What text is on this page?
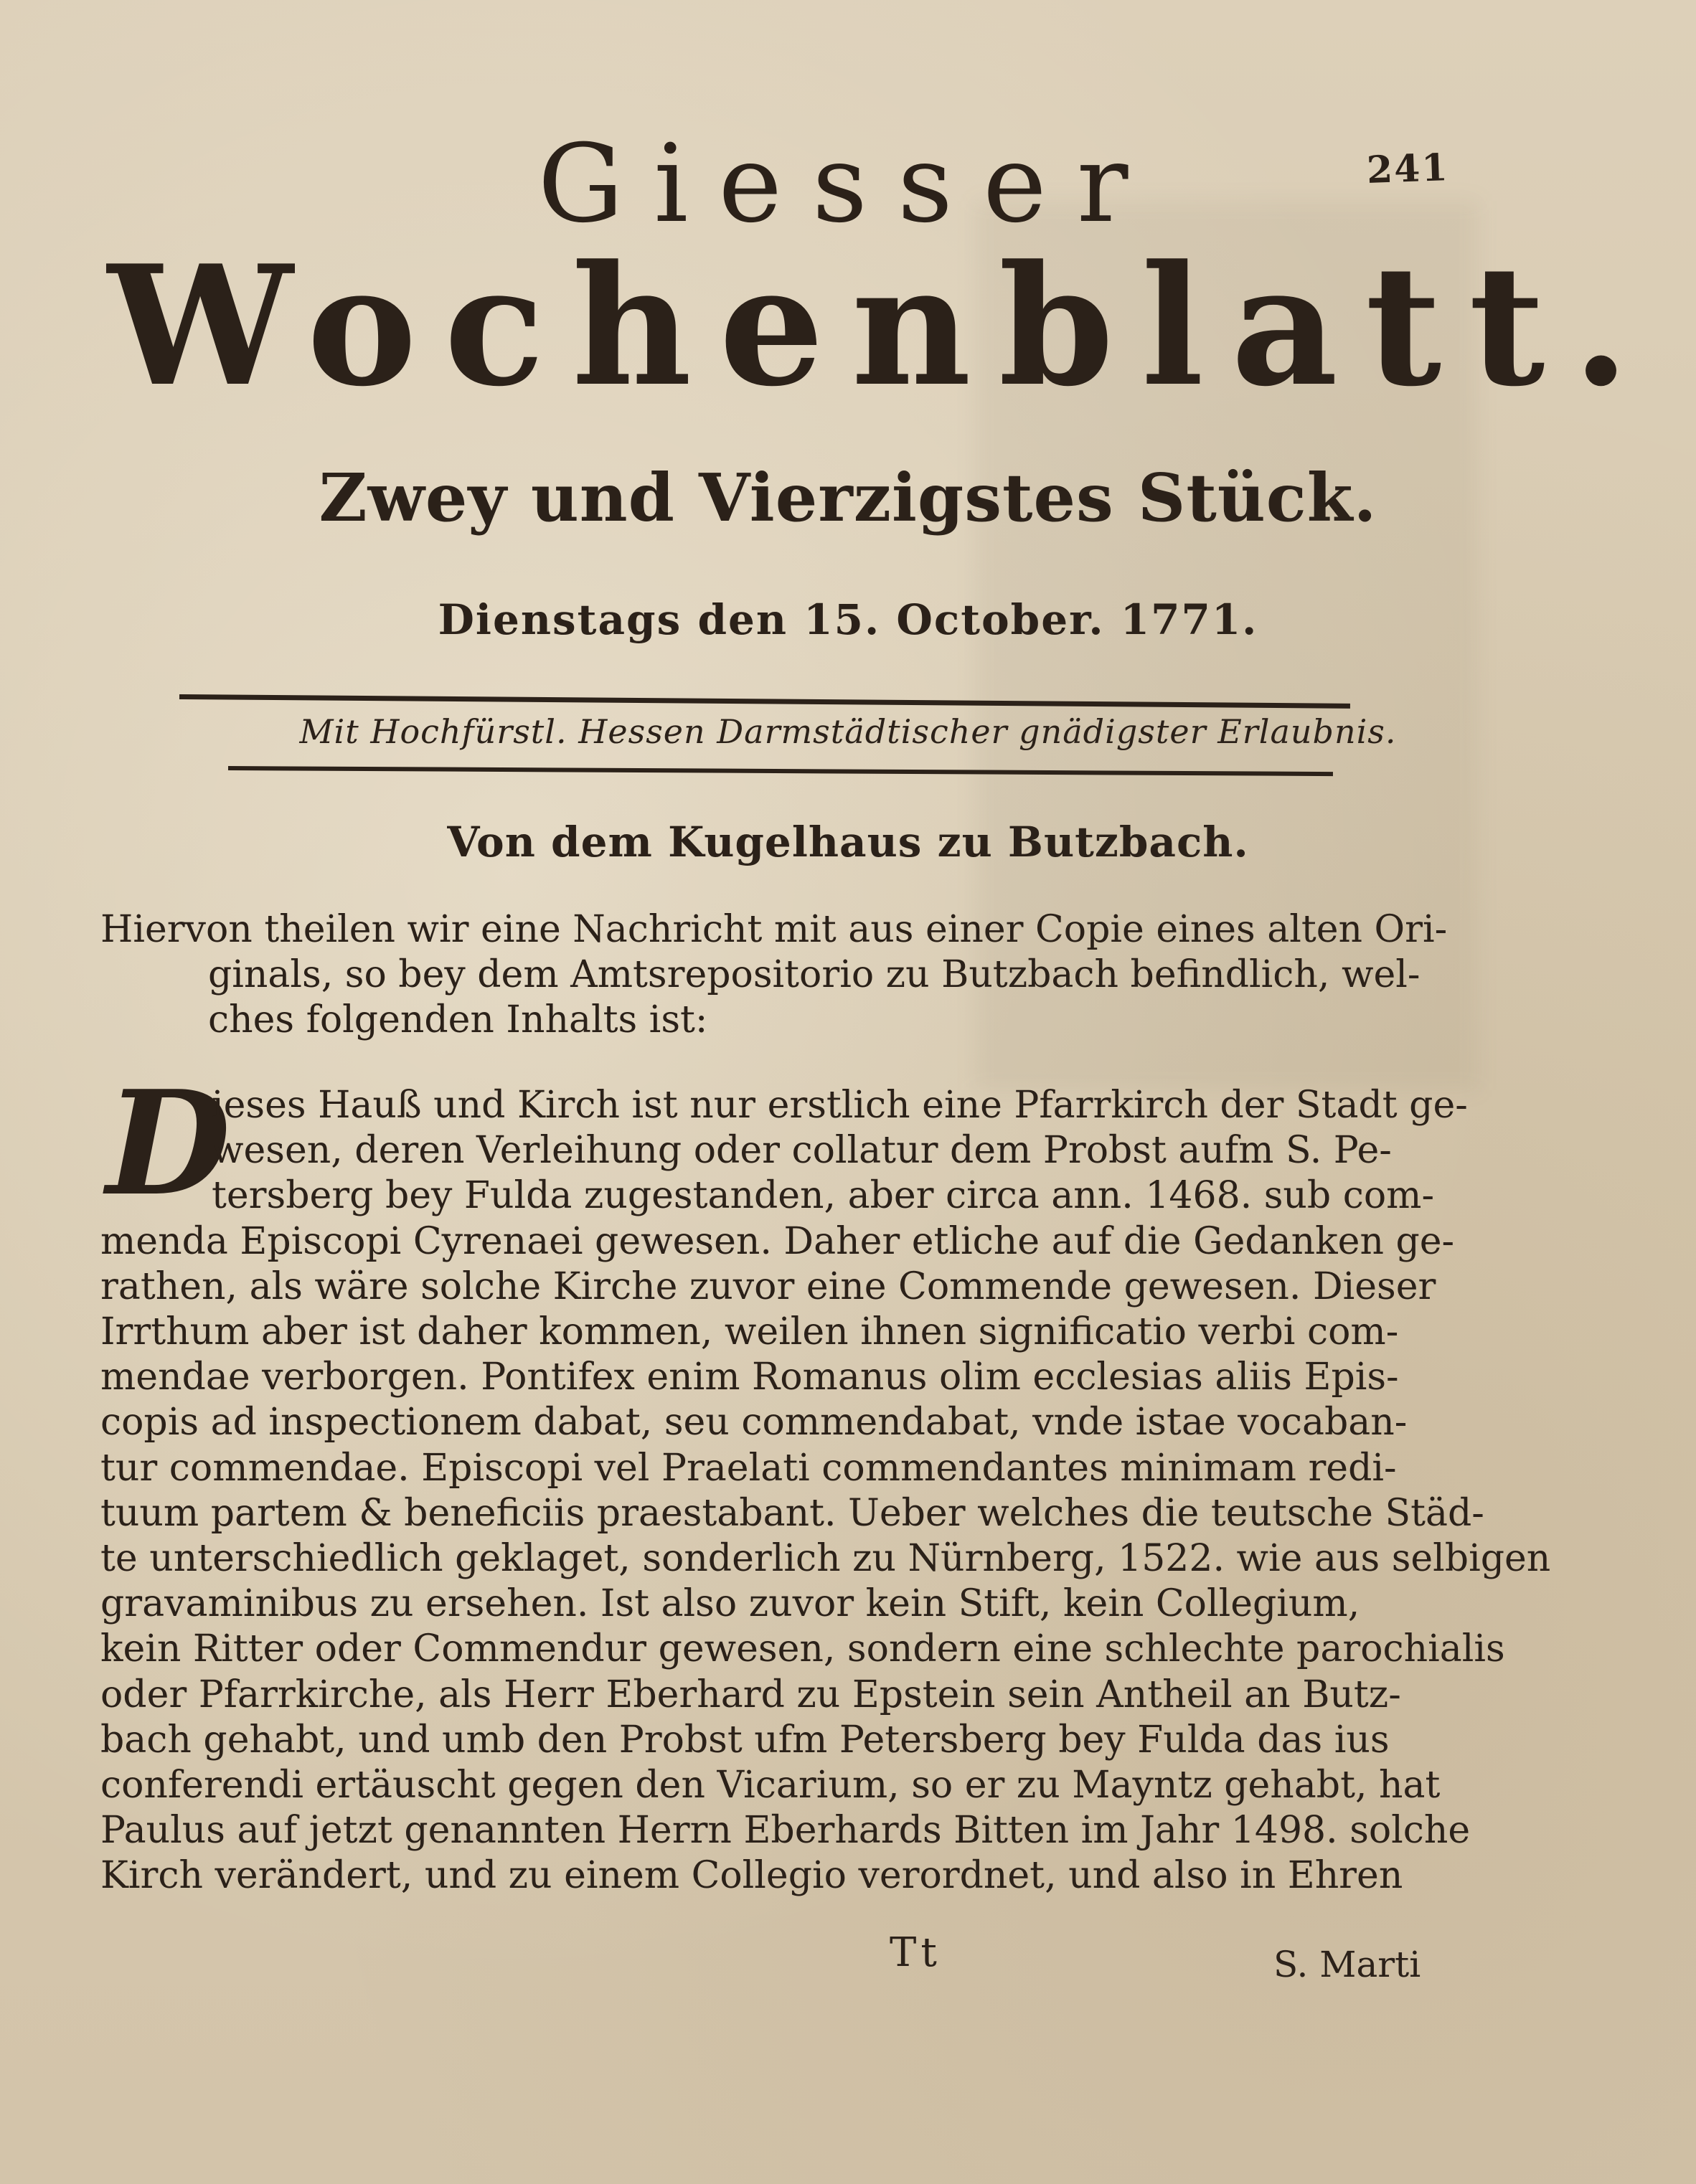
241
Giesser
Wochenblatt.
Zwey und Vierzigstes Stück.
Dienstags den 15. October. 1771.
Mit Hochfürstl. Hessen Darmstädtischer gnädigster Erlaubnis.
Von dem Kugelhaus zu Butzbach.
Hiervon theilen wir eine Nachricht mit aus einer Copie eines alten Ori-
ginals, so bey dem Amtsrepositorio zu Butzbach befindlich, wel-
ches folgenden Inhalts ist:
D
ieses Hauß und Kirch ist nur erstlich eine Pfarrkirch der Stadt ge-
wesen, deren Verleihung oder collatur dem Probst aufm S. Pe-
tersberg bey Fulda zugestanden, aber circa ann. 1468. sub com-
menda Episcopi Cyrenaei gewesen. Daher etliche auf die Gedanken ge-
rathen, als wäre solche Kirche zuvor eine Commende gewesen. Dieser
Irrthum aber ist daher kommen, weilen ihnen significatio verbi com-
mendae verborgen. Pontifex enim Romanus olim ecclesias aliis Epis-
copis ad inspectionem dabat, seu commendabat, vnde istae vocaban-
tur commendae. Episcopi vel Praelati commendantes minimam redi-
tuum partem & beneficiis praestabant. Ueber welches die teutsche Städ-
te unterschiedlich geklaget, sonderlich zu Nürnberg, 1522. wie aus selbigen
gravaminibus zu ersehen. Ist also zuvor kein Stift, kein Collegium,
kein Ritter oder Commendur gewesen, sondern eine schlechte parochialis
oder Pfarrkirche, als Herr Eberhard zu Epstein sein Antheil an Butz-
bach gehabt, und umb den Probst ufm Petersberg bey Fulda das ius
conferendi ertäuscht gegen den Vicarium, so er zu Mayntz gehabt, hat
Paulus auf jetzt genannten Herrn Eberhards Bitten im Jahr 1498. solche
Kirch verändert, und zu einem Collegio verordnet, und also in Ehren
Tt	S. Marti
